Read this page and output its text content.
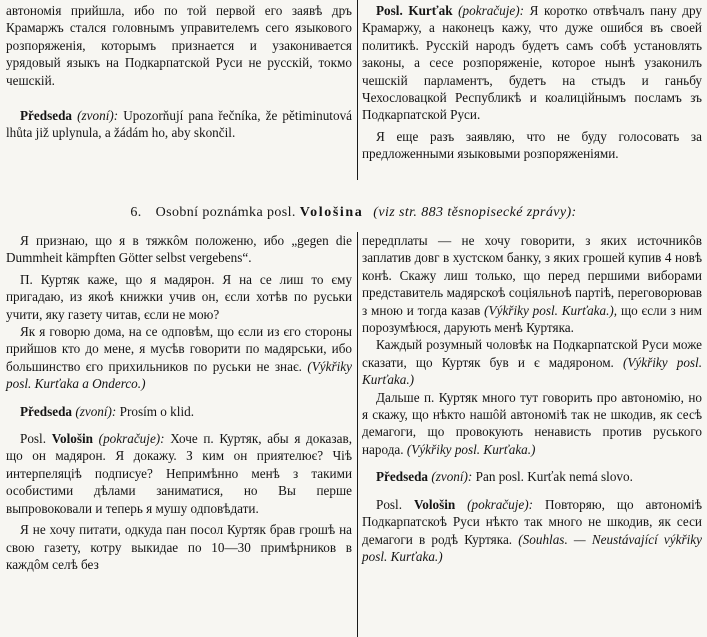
автономія прийшла, ибо по той первой его заявѣ дръ Крамаржъ стался головнымъ управителемъ сего языкового розпоряженія, которымъ признается и узаконивается урядовый языкъ на Подкарпатской Руси не русскій, токмо чешскій.

Předseda (zvoní): Upozorňují pana řečníka, že pětiminutová lhůta již uplynula, a žádám ho, aby skončil.

Posl. Kurťak (pokračuje): Я коротко отвѣчалъ пану дру Крамаржу, а наконецъ кажу, что дуже ошибся въ своей политикѣ. Русскій народъ будетъ самъ собѣ установлять законы, а сесе розпоряженіе, которое нынѣ узаконилъ чешскій парламентъ, будетъ на стыдъ и ганьбу Чехословацкой Республикѣ и коалиційнымъ посламъ зъ Подкарпатской Руси.

Я еще разъ заявляю, что не буду голосовать за предложенными языковыми розпоряженіями.

6. Osobní poznámka posl. Vološina (viz str. 883 těsnopisecké zprávy):

Я признаю, що я в тяжкôм положеню, ибо „gegen die Dummheit kämpften Götter selbst vergebens“.

П. Куртяк каже, що я мадярон. Я на се лиш то єму пригадаю, из якоѣ книжки учив он, єсли хотѣв по руськи учити, яку газету читав, єсли не мою?

Як я говорю дома, на се одповѣм, що єсли из єго стороны прийшов кто до мене, я мусѣв говорити по мадярськи, ибо большинство єго прихильников по руськи не знає. (Výkřiky posl. Kurťaka a Ondercо.)

Předseda (zvoní): Prosím o klid.

Posl. Vološin (pokračuje): Хоче п. Куртяк, абы я доказав, що он мадярон. Я докажу. З ким он приятелює? Чіѣ интерпеляціѣ подписуе? Непримѣнно менѣ з такими особистими дѣлами заниматися, но Вы перше выпровоковали и теперь я мушу одповѣдати.

Я не хочу питати, одкуда пан посол Куртяк брав грошѣ на свою газету, котру выкидае по 10—30 примѣрников в каждôм селѣ без

передплаты — не хочу говорити, з яких источникôв заплатив довг в хустском банку, з яких грошей купив 4 новѣ конѣ. Скажу лиш только, що перед першими виборами представитель мадярскоѣ соціяльноѣ партіѣ, переговорював з мною и тогда казав (Výkřiky posl. Kurťaka.), що єсли з ним порозумѣюся, дарують менѣ Куртяка.

Каждый розумный чоловѣк на Подкарпатской Руси може сказати, що Куртяк був и є мадяроном. (Výkřiky posl. Kurťaka.)

Дальше п. Куртяк много тут говорить про автономію, но я скажу, що нѣкто нашôй автономіѣ так не шкодив, як сесѣ демагоги, що провокують ненависть против руського народа. (Výkřiky posl. Kurťaka.)

Předseda (zvoní): Pan posl. Kurťak nemá slovo.

Posl. Vološin (pokračuje): Повторяю, що автономіѣ Подкарпатскоѣ Руси нѣкто так много не шкодив, як сеси демагоги в родѣ Куртяка. (Souhlas. — Neustávající výkřiky posl. Kurťaka.)
